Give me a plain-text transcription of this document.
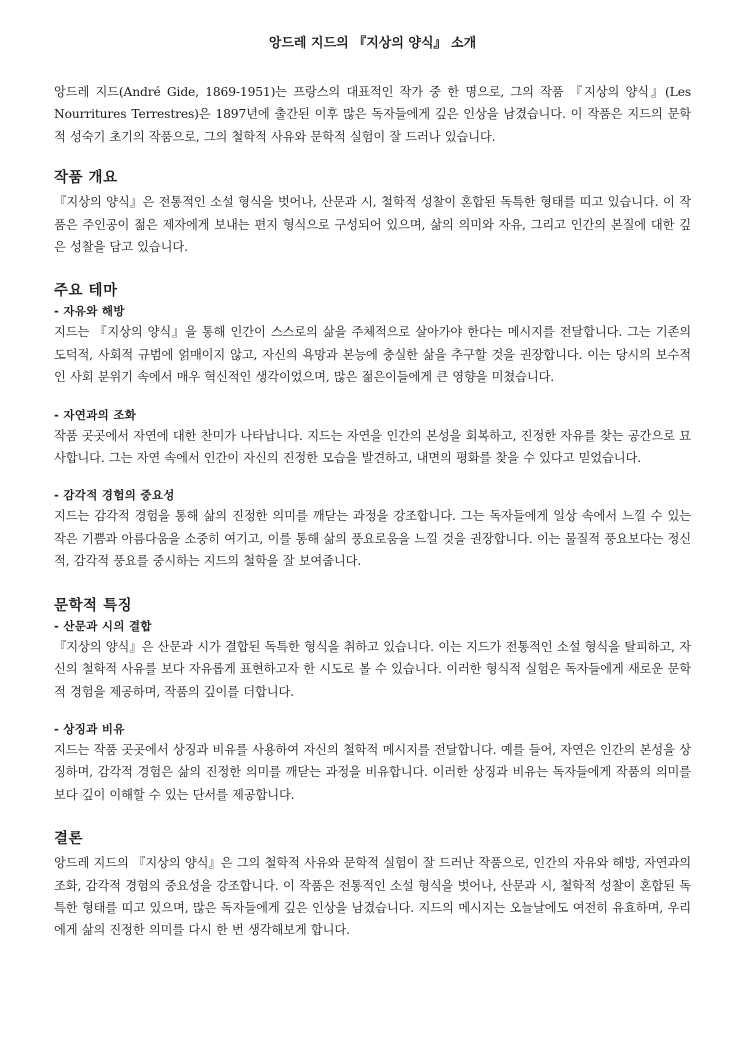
앙드레 지드의 『지상의 양식』 소개

앙드레 지드(André Gide, 1869-1951)는 프랑스의 대표적인 작가 중 한 명으로, 그의 작품 『지상의 양식』(Les Nourritures Terrestres)은 1897년에 출간된 이후 많은 독자들에게 깊은 인상을 남겼습니다. 이 작품은 지드의 문학적 성숙기 초기의 작품으로, 그의 철학적 사유와 문학적 실험이 잘 드러나 있습니다.

작품 개요

『지상의 양식』은 전통적인 소설 형식을 벗어나, 산문과 시, 철학적 성찰이 혼합된 독특한 형태를 띠고 있습니다. 이 작품은 주인공이 젊은 제자에게 보내는 편지 형식으로 구성되어 있으며, 삶의 의미와 자유, 그리고 인간의 본질에 대한 깊은 성찰을 담고 있습니다.

주요 테마
- 자유와 해방

지드는 『지상의 양식』을 통해 인간이 스스로의 삶을 주체적으로 살아가야 한다는 메시지를 전달합니다. 그는 기존의 도덕적, 사회적 규범에 얽매이지 않고, 자신의 욕망과 본능에 충실한 삶을 추구할 것을 권장합니다. 이는 당시의 보수적인 사회 분위기 속에서 매우 혁신적인 생각이었으며, 많은 젊은이들에게 큰 영향을 미쳤습니다.

- 자연과의 조화

작품 곳곳에서 자연에 대한 찬미가 나타납니다. 지드는 자연을 인간의 본성을 회복하고, 진정한 자유를 찾는 공간으로 묘사합니다. 그는 자연 속에서 인간이 자신의 진정한 모습을 발견하고, 내면의 평화를 찾을 수 있다고 믿었습니다.

- 감각적 경험의 중요성

지드는 감각적 경험을 통해 삶의 진정한 의미를 깨닫는 과정을 강조합니다. 그는 독자들에게 일상 속에서 느낄 수 있는 작은 기쁨과 아름다움을 소중히 여기고, 이를 통해 삶의 풍요로움을 느낄 것을 권장합니다. 이는 물질적 풍요보다는 정신적, 감각적 풍요를 중시하는 지드의 철학을 잘 보여줍니다.

문학적 특징
- 산문과 시의 결합

『지상의 양식』은 산문과 시가 결합된 독특한 형식을 취하고 있습니다. 이는 지드가 전통적인 소설 형식을 탈피하고, 자신의 철학적 사유를 보다 자유롭게 표현하고자 한 시도로 볼 수 있습니다. 이러한 형식적 실험은 독자들에게 새로운 문학적 경험을 제공하며, 작품의 깊이를 더합니다.

- 상징과 비유

지드는 작품 곳곳에서 상징과 비유를 사용하여 자신의 철학적 메시지를 전달합니다. 예를 들어, 자연은 인간의 본성을 상징하며, 감각적 경험은 삶의 진정한 의미를 깨닫는 과정을 비유합니다. 이러한 상징과 비유는 독자들에게 작품의 의미를 보다 깊이 이해할 수 있는 단서를 제공합니다.

결론

앙드레 지드의 『지상의 양식』은 그의 철학적 사유와 문학적 실험이 잘 드러난 작품으로, 인간의 자유와 해방, 자연과의 조화, 감각적 경험의 중요성을 강조합니다. 이 작품은 전통적인 소설 형식을 벗어나, 산문과 시, 철학적 성찰이 혼합된 독특한 형태를 띠고 있으며, 많은 독자들에게 깊은 인상을 남겼습니다. 지드의 메시지는 오늘날에도 여전히 유효하며, 우리에게 삶의 진정한 의미를 다시 한 번 생각해보게 합니다.
